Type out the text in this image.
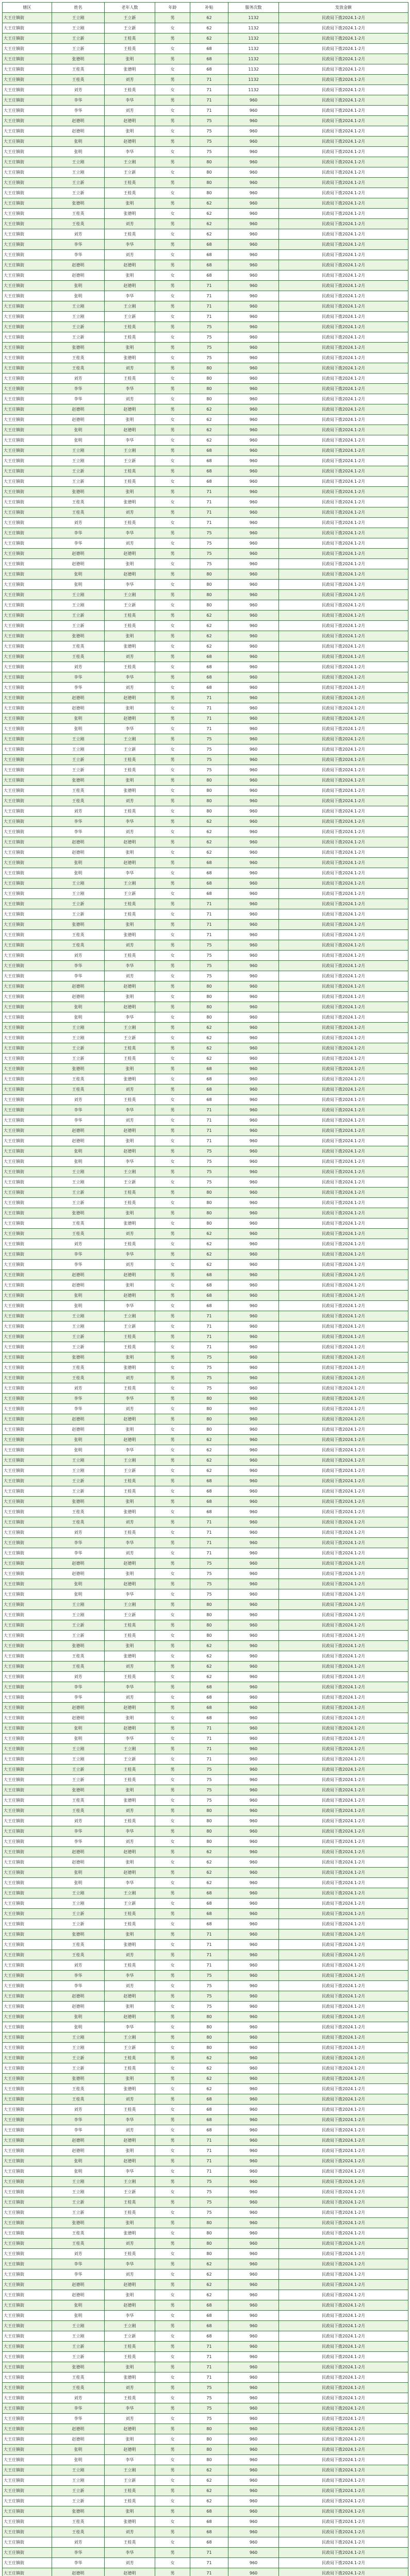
辖区	姓名	老年人数	年龄	补贴	服务次数	发放金额
大王庄镇街	王立刚	王立新	男	62	1132	民政局下拨2024.1-2月
大王庄镇街	王立刚	王立新	女	62	1132	民政局下拨2024.1-2月
大王庄镇街	王立新	王桂英	男	62	1132	民政局下拨2024.1-2月
大王庄镇街	王立新	王桂英	女	68	1132	民政局下拨2024.1-2月
大王庄镇街	张德明	张明	男	68	1132	民政局下拨2024.1-2月
大王庄镇街	王桂英	张德明	女	68	1132	民政局下拨2024.1-2月
大王庄镇街	王桂英	刘芳	男	71	1132	民政局下拨2024.1-2月
大王庄镇街	刘芳	王桂英	女	71	1132	民政局下拨2024.1-2月
大王庄镇街	李华	李华	男	71	960	民政局下拨2024.1-2月
大王庄镇街	李华	刘芳	女	71	960	民政局下拨2024.1-2月
大王庄镇街	赵德明	赵德明	男	75	960	民政局下拨2024.1-2月
大王庄镇街	赵德明	张明	女	75	960	民政局下拨2024.1-2月
大王庄镇街	张明	赵德明	男	75	960	民政局下拨2024.1-2月
大王庄镇街	张明	李华	女	75	960	民政局下拨2024.1-2月
大王庄镇街	王立刚	王立刚	男	80	960	民政局下拨2024.1-2月
大王庄镇街	王立刚	王立新	女	80	960	民政局下拨2024.1-2月
大王庄镇街	王立新	王桂英	男	80	960	民政局下拨2024.1-2月
大王庄镇街	王立新	王桂英	女	80	960	民政局下拨2024.1-2月
大王庄镇街	张德明	张明	男	62	960	民政局下拨2024.1-2月
大王庄镇街	王桂英	张德明	女	62	960	民政局下拨2024.1-2月
大王庄镇街	王桂英	刘芳	男	62	960	民政局下拨2024.1-2月
大王庄镇街	刘芳	王桂英	女	62	960	民政局下拨2024.1-2月
大王庄镇街	李华	李华	男	68	960	民政局下拨2024.1-2月
大王庄镇街	李华	刘芳	女	68	960	民政局下拨2024.1-2月
大王庄镇街	赵德明	赵德明	男	68	960	民政局下拨2024.1-2月
大王庄镇街	赵德明	张明	女	68	960	民政局下拨2024.1-2月
大王庄镇街	张明	赵德明	男	71	960	民政局下拨2024.1-2月
大王庄镇街	张明	李华	女	71	960	民政局下拨2024.1-2月
大王庄镇街	王立刚	王立刚	男	71	960	民政局下拨2024.1-2月
大王庄镇街	王立刚	王立新	女	71	960	民政局下拨2024.1-2月
大王庄镇街	王立新	王桂英	男	75	960	民政局下拨2024.1-2月
大王庄镇街	王立新	王桂英	女	75	960	民政局下拨2024.1-2月
大王庄镇街	张德明	张明	男	75	960	民政局下拨2024.1-2月
大王庄镇街	王桂英	张德明	女	75	960	民政局下拨2024.1-2月
大王庄镇街	王桂英	刘芳	男	80	960	民政局下拨2024.1-2月
大王庄镇街	刘芳	王桂英	女	80	960	民政局下拨2024.1-2月
大王庄镇街	李华	李华	男	80	960	民政局下拨2024.1-2月
大王庄镇街	李华	刘芳	女	80	960	民政局下拨2024.1-2月
大王庄镇街	赵德明	赵德明	男	62	960	民政局下拨2024.1-2月
大王庄镇街	赵德明	张明	女	62	960	民政局下拨2024.1-2月
大王庄镇街	张明	赵德明	男	62	960	民政局下拨2024.1-2月
大王庄镇街	张明	李华	女	62	960	民政局下拨2024.1-2月
大王庄镇街	王立刚	王立刚	男	68	960	民政局下拨2024.1-2月
大王庄镇街	王立刚	王立新	女	68	960	民政局下拨2024.1-2月
大王庄镇街	王立新	王桂英	男	68	960	民政局下拨2024.1-2月
大王庄镇街	王立新	王桂英	女	68	960	民政局下拨2024.1-2月
大王庄镇街	张德明	张明	男	71	960	民政局下拨2024.1-2月
大王庄镇街	王桂英	张德明	女	71	960	民政局下拨2024.1-2月
大王庄镇街	王桂英	刘芳	男	71	960	民政局下拨2024.1-2月
大王庄镇街	刘芳	王桂英	女	71	960	民政局下拨2024.1-2月
大王庄镇街	李华	李华	男	75	960	民政局下拨2024.1-2月
大王庄镇街	李华	刘芳	女	75	960	民政局下拨2024.1-2月
大王庄镇街	赵德明	赵德明	男	75	960	民政局下拨2024.1-2月
大王庄镇街	赵德明	张明	女	75	960	民政局下拨2024.1-2月
大王庄镇街	张明	赵德明	男	80	960	民政局下拨2024.1-2月
大王庄镇街	张明	李华	女	80	960	民政局下拨2024.1-2月
大王庄镇街	王立刚	王立刚	男	80	960	民政局下拨2024.1-2月
大王庄镇街	王立刚	王立新	女	80	960	民政局下拨2024.1-2月
大王庄镇街	王立新	王桂英	男	62	960	民政局下拨2024.1-2月
大王庄镇街	王立新	王桂英	女	62	960	民政局下拨2024.1-2月
大王庄镇街	张德明	张明	男	62	960	民政局下拨2024.1-2月
大王庄镇街	王桂英	张德明	女	62	960	民政局下拨2024.1-2月
大王庄镇街	王桂英	刘芳	男	68	960	民政局下拨2024.1-2月
大王庄镇街	刘芳	王桂英	女	68	960	民政局下拨2024.1-2月
大王庄镇街	李华	李华	男	68	960	民政局下拨2024.1-2月
大王庄镇街	李华	刘芳	女	68	960	民政局下拨2024.1-2月
大王庄镇街	赵德明	赵德明	男	71	960	民政局下拨2024.1-2月
大王庄镇街	赵德明	张明	女	71	960	民政局下拨2024.1-2月
大王庄镇街	张明	赵德明	男	71	960	民政局下拨2024.1-2月
大王庄镇街	张明	李华	女	71	960	民政局下拨2024.1-2月
大王庄镇街	王立刚	王立刚	男	75	960	民政局下拨2024.1-2月
大王庄镇街	王立刚	王立新	女	75	960	民政局下拨2024.1-2月
大王庄镇街	王立新	王桂英	男	75	960	民政局下拨2024.1-2月
大王庄镇街	王立新	王桂英	女	75	960	民政局下拨2024.1-2月
大王庄镇街	张德明	张明	男	80	960	民政局下拨2024.1-2月
大王庄镇街	王桂英	张德明	女	80	960	民政局下拨2024.1-2月
大王庄镇街	王桂英	刘芳	男	80	960	民政局下拨2024.1-2月
大王庄镇街	刘芳	王桂英	女	80	960	民政局下拨2024.1-2月
大王庄镇街	李华	李华	男	62	960	民政局下拨2024.1-2月
大王庄镇街	李华	刘芳	女	62	960	民政局下拨2024.1-2月
大王庄镇街	赵德明	赵德明	男	62	960	民政局下拨2024.1-2月
大王庄镇街	赵德明	张明	女	62	960	民政局下拨2024.1-2月
大王庄镇街	张明	赵德明	男	68	960	民政局下拨2024.1-2月
大王庄镇街	张明	李华	女	68	960	民政局下拨2024.1-2月
大王庄镇街	王立刚	王立刚	男	68	960	民政局下拨2024.1-2月
大王庄镇街	王立刚	王立新	女	68	960	民政局下拨2024.1-2月
大王庄镇街	王立新	王桂英	男	71	960	民政局下拨2024.1-2月
大王庄镇街	王立新	王桂英	女	71	960	民政局下拨2024.1-2月
大王庄镇街	张德明	张明	男	71	960	民政局下拨2024.1-2月
大王庄镇街	王桂英	张德明	女	71	960	民政局下拨2024.1-2月
大王庄镇街	王桂英	刘芳	男	75	960	民政局下拨2024.1-2月
大王庄镇街	刘芳	王桂英	女	75	960	民政局下拨2024.1-2月
大王庄镇街	李华	李华	男	75	960	民政局下拨2024.1-2月
大王庄镇街	李华	刘芳	女	75	960	民政局下拨2024.1-2月
大王庄镇街	赵德明	赵德明	男	80	960	民政局下拨2024.1-2月
大王庄镇街	赵德明	张明	女	80	960	民政局下拨2024.1-2月
大王庄镇街	张明	赵德明	男	80	960	民政局下拨2024.1-2月
大王庄镇街	张明	李华	女	80	960	民政局下拨2024.1-2月
大王庄镇街	王立刚	王立刚	男	62	960	民政局下拨2024.1-2月
大王庄镇街	王立刚	王立新	女	62	960	民政局下拨2024.1-2月
大王庄镇街	王立新	王桂英	男	62	960	民政局下拨2024.1-2月
大王庄镇街	王立新	王桂英	女	62	960	民政局下拨2024.1-2月
大王庄镇街	张德明	张明	男	68	960	民政局下拨2024.1-2月
大王庄镇街	王桂英	张德明	女	68	960	民政局下拨2024.1-2月
大王庄镇街	王桂英	刘芳	男	68	960	民政局下拨2024.1-2月
大王庄镇街	刘芳	王桂英	女	68	960	民政局下拨2024.1-2月
大王庄镇街	李华	李华	男	71	960	民政局下拨2024.1-2月
大王庄镇街	李华	刘芳	女	71	960	民政局下拨2024.1-2月
大王庄镇街	赵德明	赵德明	男	71	960	民政局下拨2024.1-2月
大王庄镇街	赵德明	张明	女	71	960	民政局下拨2024.1-2月
大王庄镇街	张明	赵德明	男	75	960	民政局下拨2024.1-2月
大王庄镇街	张明	李华	女	75	960	民政局下拨2024.1-2月
大王庄镇街	王立刚	王立刚	男	75	960	民政局下拨2024.1-2月
大王庄镇街	王立刚	王立新	女	75	960	民政局下拨2024.1-2月
大王庄镇街	王立新	王桂英	男	80	960	民政局下拨2024.1-2月
大王庄镇街	王立新	王桂英	女	80	960	民政局下拨2024.1-2月
大王庄镇街	张德明	张明	男	80	960	民政局下拨2024.1-2月
大王庄镇街	王桂英	张德明	女	80	960	民政局下拨2024.1-2月
大王庄镇街	王桂英	刘芳	男	62	960	民政局下拨2024.1-2月
大王庄镇街	刘芳	王桂英	女	62	960	民政局下拨2024.1-2月
大王庄镇街	李华	李华	男	62	960	民政局下拨2024.1-2月
大王庄镇街	李华	刘芳	女	62	960	民政局下拨2024.1-2月
大王庄镇街	赵德明	赵德明	男	68	960	民政局下拨2024.1-2月
大王庄镇街	赵德明	张明	女	68	960	民政局下拨2024.1-2月
大王庄镇街	张明	赵德明	男	68	960	民政局下拨2024.1-2月
大王庄镇街	张明	李华	女	68	960	民政局下拨2024.1-2月
大王庄镇街	王立刚	王立刚	男	71	960	民政局下拨2024.1-2月
大王庄镇街	王立刚	王立新	女	71	960	民政局下拨2024.1-2月
大王庄镇街	王立新	王桂英	男	71	960	民政局下拨2024.1-2月
大王庄镇街	王立新	王桂英	女	71	960	民政局下拨2024.1-2月
大王庄镇街	张德明	张明	男	75	960	民政局下拨2024.1-2月
大王庄镇街	王桂英	张德明	女	75	960	民政局下拨2024.1-2月
大王庄镇街	王桂英	刘芳	男	75	960	民政局下拨2024.1-2月
大王庄镇街	刘芳	王桂英	女	75	960	民政局下拨2024.1-2月
大王庄镇街	李华	李华	男	80	960	民政局下拨2024.1-2月
大王庄镇街	李华	刘芳	女	80	960	民政局下拨2024.1-2月
大王庄镇街	赵德明	赵德明	男	80	960	民政局下拨2024.1-2月
大王庄镇街	赵德明	张明	女	80	960	民政局下拨2024.1-2月
大王庄镇街	张明	赵德明	男	62	960	民政局下拨2024.1-2月
大王庄镇街	张明	李华	女	62	960	民政局下拨2024.1-2月
大王庄镇街	王立刚	王立刚	男	62	960	民政局下拨2024.1-2月
大王庄镇街	王立刚	王立新	女	62	960	民政局下拨2024.1-2月
大王庄镇街	王立新	王桂英	男	68	960	民政局下拨2024.1-2月
大王庄镇街	王立新	王桂英	女	68	960	民政局下拨2024.1-2月
大王庄镇街	张德明	张明	男	68	960	民政局下拨2024.1-2月
大王庄镇街	王桂英	张德明	女	68	960	民政局下拨2024.1-2月
大王庄镇街	王桂英	刘芳	男	71	960	民政局下拨2024.1-2月
大王庄镇街	刘芳	王桂英	女	71	960	民政局下拨2024.1-2月
大王庄镇街	李华	李华	男	71	960	民政局下拨2024.1-2月
大王庄镇街	李华	刘芳	女	71	960	民政局下拨2024.1-2月
大王庄镇街	赵德明	赵德明	男	75	960	民政局下拨2024.1-2月
大王庄镇街	赵德明	张明	女	75	960	民政局下拨2024.1-2月
大王庄镇街	张明	赵德明	男	75	960	民政局下拨2024.1-2月
大王庄镇街	张明	李华	女	75	960	民政局下拨2024.1-2月
大王庄镇街	王立刚	王立刚	男	80	960	民政局下拨2024.1-2月
大王庄镇街	王立刚	王立新	女	80	960	民政局下拨2024.1-2月
大王庄镇街	王立新	王桂英	男	80	960	民政局下拨2024.1-2月
大王庄镇街	王立新	王桂英	女	80	960	民政局下拨2024.1-2月
大王庄镇街	张德明	张明	男	62	960	民政局下拨2024.1-2月
大王庄镇街	王桂英	张德明	女	62	960	民政局下拨2024.1-2月
大王庄镇街	王桂英	刘芳	男	62	960	民政局下拨2024.1-2月
大王庄镇街	刘芳	王桂英	女	62	960	民政局下拨2024.1-2月
大王庄镇街	李华	李华	男	68	960	民政局下拨2024.1-2月
大王庄镇街	李华	刘芳	女	68	960	民政局下拨2024.1-2月
大王庄镇街	赵德明	赵德明	男	68	960	民政局下拨2024.1-2月
大王庄镇街	赵德明	张明	女	68	960	民政局下拨2024.1-2月
大王庄镇街	张明	赵德明	男	71	960	民政局下拨2024.1-2月
大王庄镇街	张明	李华	女	71	960	民政局下拨2024.1-2月
大王庄镇街	王立刚	王立刚	男	71	960	民政局下拨2024.1-2月
大王庄镇街	王立刚	王立新	女	71	960	民政局下拨2024.1-2月
大王庄镇街	王立新	王桂英	男	75	960	民政局下拨2024.1-2月
大王庄镇街	王立新	王桂英	女	75	960	民政局下拨2024.1-2月
大王庄镇街	张德明	张明	男	75	960	民政局下拨2024.1-2月
大王庄镇街	王桂英	张德明	女	75	960	民政局下拨2024.1-2月
大王庄镇街	王桂英	刘芳	男	80	960	民政局下拨2024.1-2月
大王庄镇街	刘芳	王桂英	女	80	960	民政局下拨2024.1-2月
大王庄镇街	李华	李华	男	80	960	民政局下拨2024.1-2月
大王庄镇街	李华	刘芳	女	80	960	民政局下拨2024.1-2月
大王庄镇街	赵德明	赵德明	男	62	960	民政局下拨2024.1-2月
大王庄镇街	赵德明	张明	女	62	960	民政局下拨2024.1-2月
大王庄镇街	张明	赵德明	男	62	960	民政局下拨2024.1-2月
大王庄镇街	张明	李华	女	62	960	民政局下拨2024.1-2月
大王庄镇街	王立刚	王立刚	男	68	960	民政局下拨2024.1-2月
大王庄镇街	王立刚	王立新	女	68	960	民政局下拨2024.1-2月
大王庄镇街	王立新	王桂英	男	68	960	民政局下拨2024.1-2月
大王庄镇街	王立新	王桂英	女	68	960	民政局下拨2024.1-2月
大王庄镇街	张德明	张明	男	71	960	民政局下拨2024.1-2月
大王庄镇街	王桂英	张德明	女	71	960	民政局下拨2024.1-2月
大王庄镇街	王桂英	刘芳	男	71	960	民政局下拨2024.1-2月
大王庄镇街	刘芳	王桂英	女	71	960	民政局下拨2024.1-2月
大王庄镇街	李华	李华	男	75	960	民政局下拨2024.1-2月
大王庄镇街	李华	刘芳	女	75	960	民政局下拨2024.1-2月
大王庄镇街	赵德明	赵德明	男	75	960	民政局下拨2024.1-2月
大王庄镇街	赵德明	张明	女	75	960	民政局下拨2024.1-2月
大王庄镇街	张明	赵德明	男	80	960	民政局下拨2024.1-2月
大王庄镇街	张明	李华	女	80	960	民政局下拨2024.1-2月
大王庄镇街	王立刚	王立刚	男	80	960	民政局下拨2024.1-2月
大王庄镇街	王立刚	王立新	女	80	960	民政局下拨2024.1-2月
大王庄镇街	王立新	王桂英	男	62	960	民政局下拨2024.1-2月
大王庄镇街	王立新	王桂英	女	62	960	民政局下拨2024.1-2月
大王庄镇街	张德明	张明	男	62	960	民政局下拨2024.1-2月
大王庄镇街	王桂英	张德明	女	62	960	民政局下拨2024.1-2月
大王庄镇街	王桂英	刘芳	男	68	960	民政局下拨2024.1-2月
大王庄镇街	刘芳	王桂英	女	68	960	民政局下拨2024.1-2月
大王庄镇街	李华	李华	男	68	960	民政局下拨2024.1-2月
大王庄镇街	李华	刘芳	女	68	960	民政局下拨2024.1-2月
大王庄镇街	赵德明	赵德明	男	71	960	民政局下拨2024.1-2月
大王庄镇街	赵德明	张明	女	71	960	民政局下拨2024.1-2月
大王庄镇街	张明	赵德明	男	71	960	民政局下拨2024.1-2月
大王庄镇街	张明	李华	女	71	960	民政局下拨2024.1-2月
大王庄镇街	王立刚	王立刚	男	75	960	民政局下拨2024.1-2月
大王庄镇街	王立刚	王立新	女	75	960	民政局下拨2024.1-2月
大王庄镇街	王立新	王桂英	男	75	960	民政局下拨2024.1-2月
大王庄镇街	王立新	王桂英	女	75	960	民政局下拨2024.1-2月
大王庄镇街	张德明	张明	男	80	960	民政局下拨2024.1-2月
大王庄镇街	王桂英	张德明	女	80	960	民政局下拨2024.1-2月
大王庄镇街	王桂英	刘芳	男	80	960	民政局下拨2024.1-2月
大王庄镇街	刘芳	王桂英	女	80	960	民政局下拨2024.1-2月
大王庄镇街	李华	李华	男	62	960	民政局下拨2024.1-2月
大王庄镇街	李华	刘芳	女	62	960	民政局下拨2024.1-2月
大王庄镇街	赵德明	赵德明	男	62	960	民政局下拨2024.1-2月
大王庄镇街	赵德明	张明	女	62	960	民政局下拨2024.1-2月
大王庄镇街	张明	赵德明	男	68	960	民政局下拨2024.1-2月
大王庄镇街	张明	李华	女	68	960	民政局下拨2024.1-2月
大王庄镇街	王立刚	王立刚	男	68	960	民政局下拨2024.1-2月
大王庄镇街	王立刚	王立新	女	68	960	民政局下拨2024.1-2月
大王庄镇街	王立新	王桂英	男	71	960	民政局下拨2024.1-2月
大王庄镇街	王立新	王桂英	女	71	960	民政局下拨2024.1-2月
大王庄镇街	张德明	张明	男	71	960	民政局下拨2024.1-2月
大王庄镇街	王桂英	张德明	女	71	960	民政局下拨2024.1-2月
大王庄镇街	王桂英	刘芳	男	75	960	民政局下拨2024.1-2月
大王庄镇街	刘芳	王桂英	女	75	960	民政局下拨2024.1-2月
大王庄镇街	李华	李华	男	75	960	民政局下拨2024.1-2月
大王庄镇街	李华	刘芳	女	75	960	民政局下拨2024.1-2月
大王庄镇街	赵德明	赵德明	男	80	960	民政局下拨2024.1-2月
大王庄镇街	赵德明	张明	女	80	960	民政局下拨2024.1-2月
大王庄镇街	张明	赵德明	男	80	960	民政局下拨2024.1-2月
大王庄镇街	张明	李华	女	80	960	民政局下拨2024.1-2月
大王庄镇街	王立刚	王立刚	男	62	960	民政局下拨2024.1-2月
大王庄镇街	王立刚	王立新	女	62	960	民政局下拨2024.1-2月
大王庄镇街	王立新	王桂英	男	62	960	民政局下拨2024.1-2月
大王庄镇街	王立新	王桂英	女	62	960	民政局下拨2024.1-2月
大王庄镇街	张德明	张明	男	68	960	民政局下拨2024.1-2月
大王庄镇街	王桂英	张德明	女	68	960	民政局下拨2024.1-2月
大王庄镇街	王桂英	刘芳	男	68	960	民政局下拨2024.1-2月
大王庄镇街	刘芳	王桂英	女	68	960	民政局下拨2024.1-2月
大王庄镇街	李华	李华	男	71	960	民政局下拨2024.1-2月
大王庄镇街	李华	刘芳	女	71	960	民政局下拨2024.1-2月
大王庄镇街	赵德明	赵德明	男	71	960	民政局下拨2024.1-2月
